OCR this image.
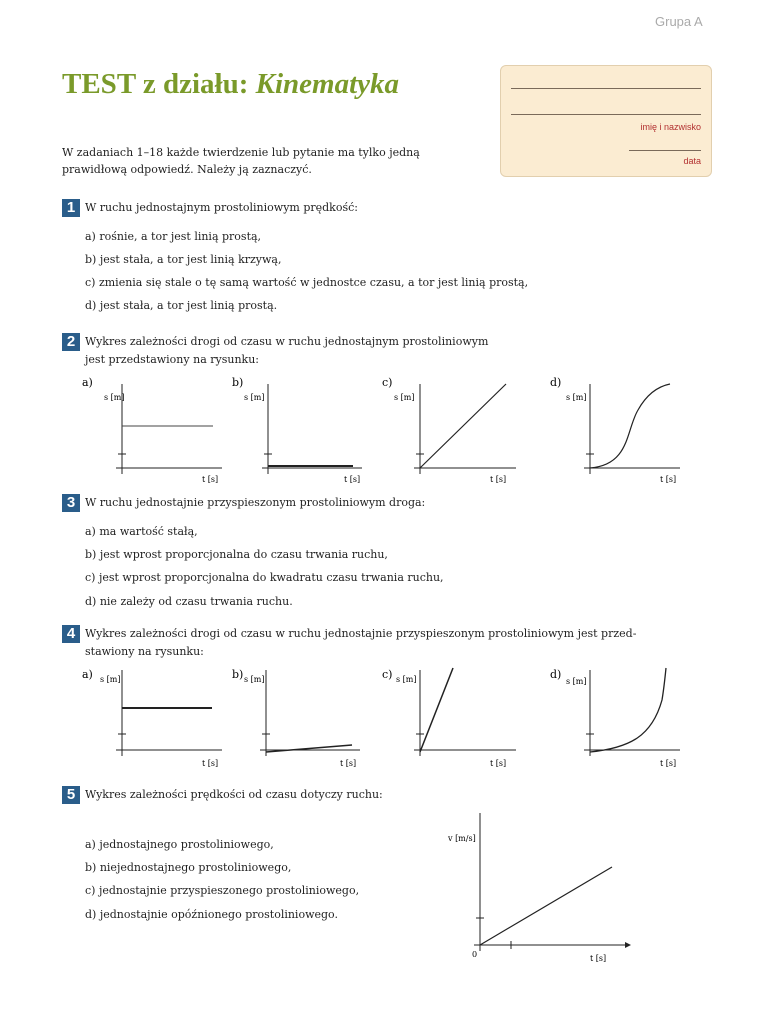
Grupa A
TEST z działu: Kinematyka
imię i nazwisko
data
W zadaniach 1–18 każde twierdzenie lub pytanie ma tylko jedną prawidłową odpowiedź. Należy ją zaznaczyć.
1 W ruchu jednostajnym prostoliniowym prędkość:
a) rośnie, a tor jest linią prostą,
b) jest stała, a tor jest linią krzywą,
c) zmienia się stale o tę samą wartość w jednostce czasu, a tor jest linią prostą,
d) jest stała, a tor jest linią prostą.
2 Wykres zależności drogi od czasu w ruchu jednostajnym prostoliniowym
jest przedstawiony na rysunku:
a)
s [m]
t [s]
b)
s [m]
t [s]
c)
s [m]
t [s]
d)
s [m]
t [s]
3 W ruchu jednostajnie przyspieszonym prostoliniowym droga:
a) ma wartość stałą,
b) jest wprost proporcjonalna do czasu trwania ruchu,
c) jest wprost proporcjonalna do kwadratu czasu trwania ruchu,
d) nie zależy od czasu trwania ruchu.
4 Wykres zależności drogi od czasu w ruchu jednostajnie przyspieszonym prostoliniowym jest przed-
stawiony na rysunku:
a) s [m]
t [s]
b) s [m]
t [s]
c) s [m]
t [s]
d)
s [m]
t [s]
5 Wykres zależności prędkości od czasu dotyczy ruchu:
a) jednostajnego prostoliniowego,
b) niejednostajnego prostoliniowego,
c) jednostajnie przyspieszonego prostoliniowego,
d) jednostajnie opóźnionego prostoliniowego.
v [m/s]
0	t [s]
